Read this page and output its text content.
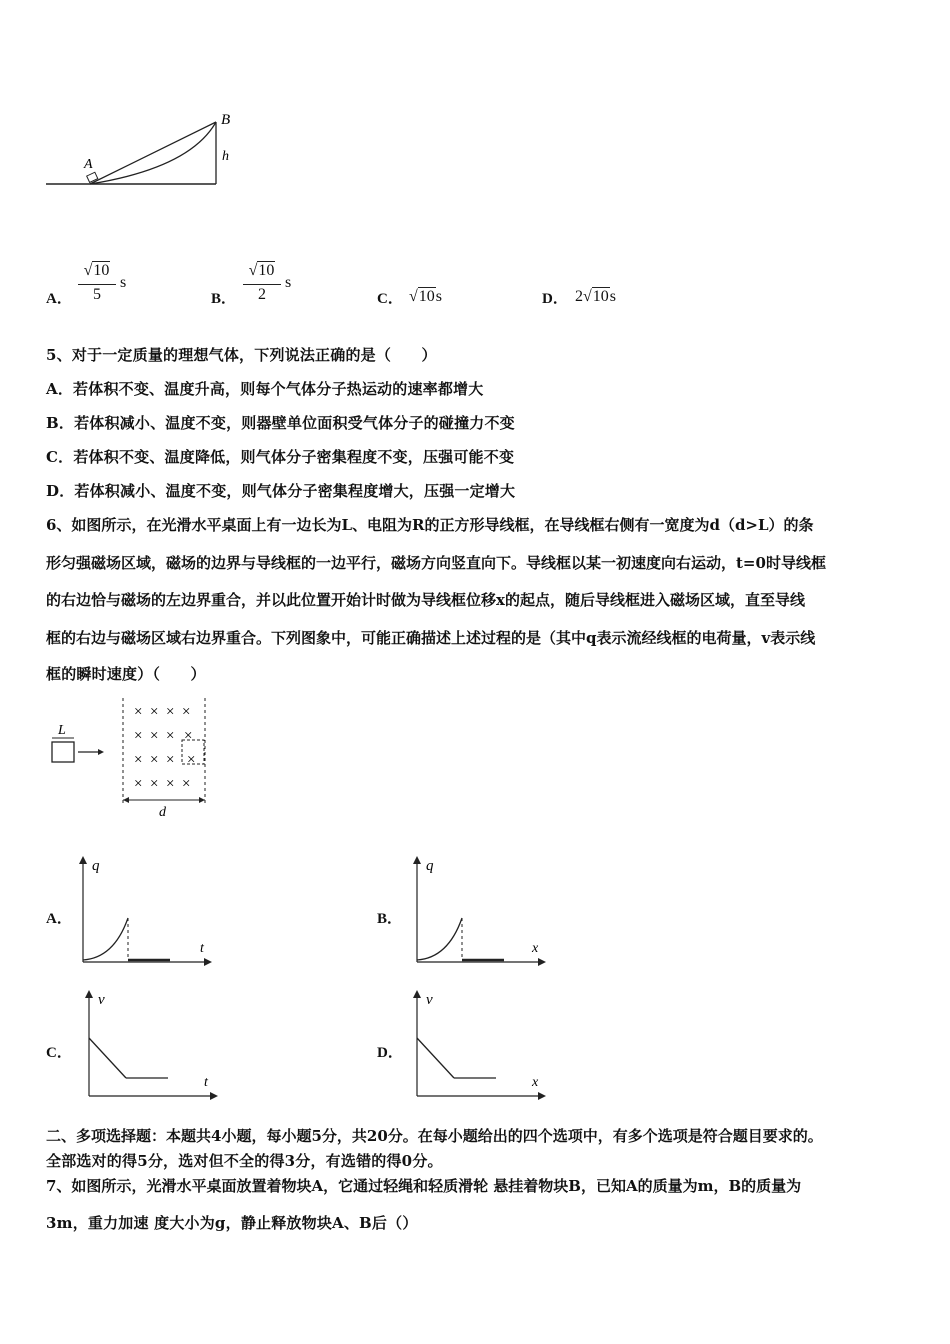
A
B
h
A．
√10
5
s
B．
√10
2
s
C． √10s	D． 2√10s
5、对于一定质量的理想气体，下列说法正确的是（　　）
A．若体积不变、温度升高，则每个气体分子热运动的速率都增大
B．若体积减小、温度不变，则器壁单位面积受气体分子的碰撞力不变
C．若体积不变、温度降低，则气体分子密集程度不变，压强可能不变
D．若体积减小、温度不变，则气体分子密集程度增大，压强一定增大
6、如图所示，在光滑水平桌面上有一边长为L、电阻为R的正方形导线框，在导线框右侧有一宽度为d（d>L）的条
形匀强磁场区域，磁场的边界与导线框的一边平行，磁场方向竖直向下。导线框以某一初速度向右运动，t=0时导线框
的右边恰与磁场的左边界重合，并以此位置开始计时做为导线框位移x的起点，随后导线框进入磁场区域，直至导线
框的右边与磁场区域右边界重合。下列图象中，可能正确描述上述过程的是（其中q表示流经线框的电荷量，v表示线
框的瞬时速度）（　　）
L
× × × ×
× × × ×
× × × ×
× × × ×
d
A．
q
t
B．
q
x
C．
v
t
D．
v
x
二、多项选择题：本题共4小题，每小题5分，共20分。在每小题给出的四个选项中，有多个选项是符合题目要求的。
全部选对的得5分，选对但不全的得3分，有选错的得0分。
7、如图所示，光滑水平桌面放置着物块A，它通过轻绳和轻质滑轮 悬挂着物块B，已知A的质量为m，B的质量为
3m，重力加速 度大小为g，静止释放物块A、B后（）
